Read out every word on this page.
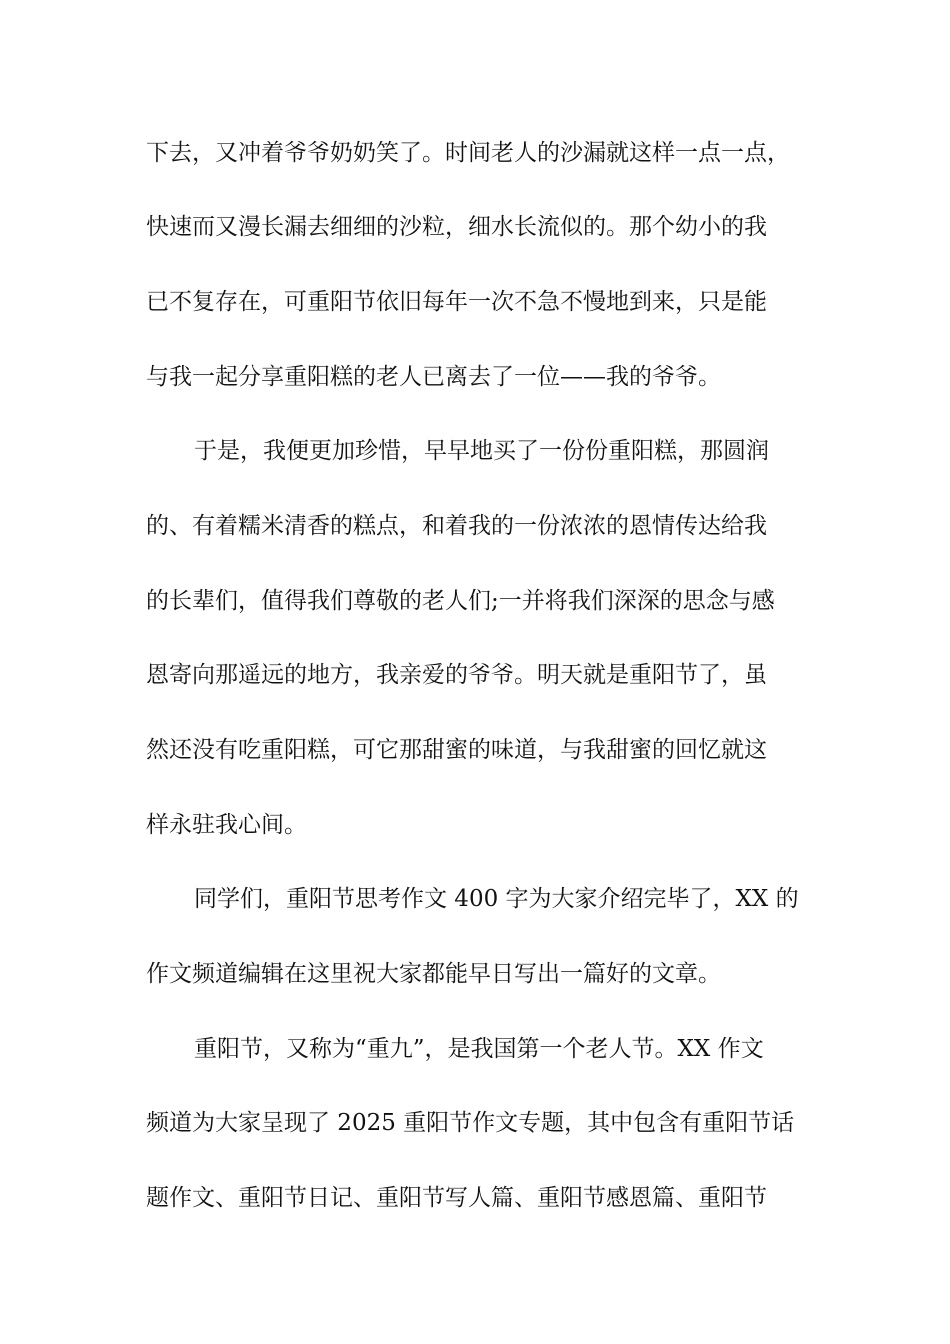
下去，又冲着爷爷奶奶笑了。时间老人的沙漏就这样一点一点，
快速而又漫长漏去细细的沙粒，细水长流似的。那个幼小的我
已不复存在，可重阳节依旧每年一次不急不慢地到来，只是能
与我一起分享重阳糕的老人已离去了一位——我的爷爷。
于是，我便更加珍惜，早早地买了一份份重阳糕，那圆润
的、有着糯米清香的糕点，和着我的一份浓浓的恩情传达给我
的长辈们，值得我们尊敬的老人们;一并将我们深深的思念与感
恩寄向那遥远的地方，我亲爱的爷爷。明天就是重阳节了，虽
然还没有吃重阳糕，可它那甜蜜的味道，与我甜蜜的回忆就这
样永驻我心间。
同学们，重阳节思考作文 400 字为大家介绍完毕了，XX 的
作文频道编辑在这里祝大家都能早日写出一篇好的文章。
重阳节，又称为“重九”，是我国第一个老人节。XX 作文
频道为大家呈现了 2025 重阳节作文专题，其中包含有重阳节话
题作文、重阳节日记、重阳节写人篇、重阳节感恩篇、重阳节
